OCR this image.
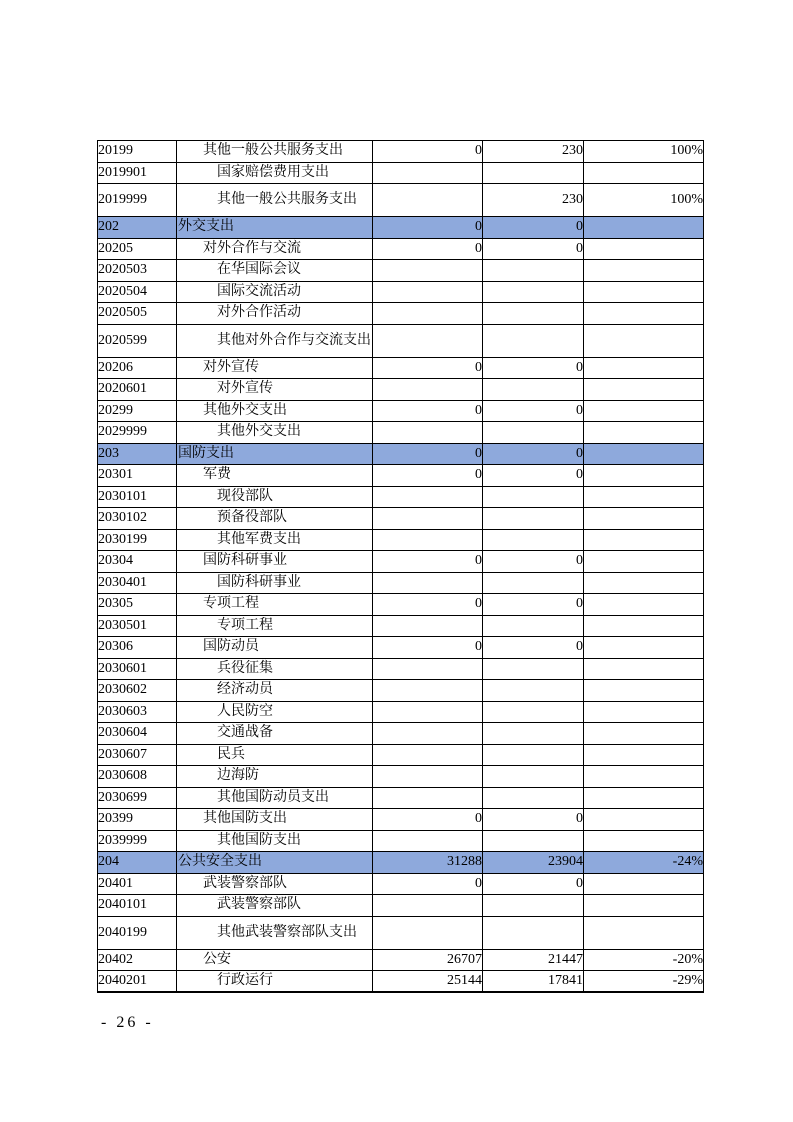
20199	其他一般公共服务支出	0	230	100%
2019901	国家赔偿费用支出			
2019999	其他一般公共服务支出		230	100%
202	外交支出	0	0	
20205	对外合作与交流	0	0	
2020503	在华国际会议			
2020504	国际交流活动			
2020505	对外合作活动			
2020599	其他对外合作与交流支出			
20206	对外宣传	0	0	
2020601	对外宣传			
20299	其他外交支出	0	0	
2029999	其他外交支出			
203	国防支出	0	0	
20301	军费	0	0	
2030101	现役部队			
2030102	预备役部队			
2030199	其他军费支出			
20304	国防科研事业	0	0	
2030401	国防科研事业			
20305	专项工程	0	0	
2030501	专项工程			
20306	国防动员	0	0	
2030601	兵役征集			
2030602	经济动员			
2030603	人民防空			
2030604	交通战备			
2030607	民兵			
2030608	边海防			
2030699	其他国防动员支出			
20399	其他国防支出	0	0	
2039999	其他国防支出			
204	公共安全支出	31288	23904	-24%
20401	武装警察部队	0	0	
2040101	武装警察部队			
2040199	其他武装警察部队支出			
20402	公安	26707	21447	-20%
2040201	行政运行	25144	17841	-29%
- 26 -
